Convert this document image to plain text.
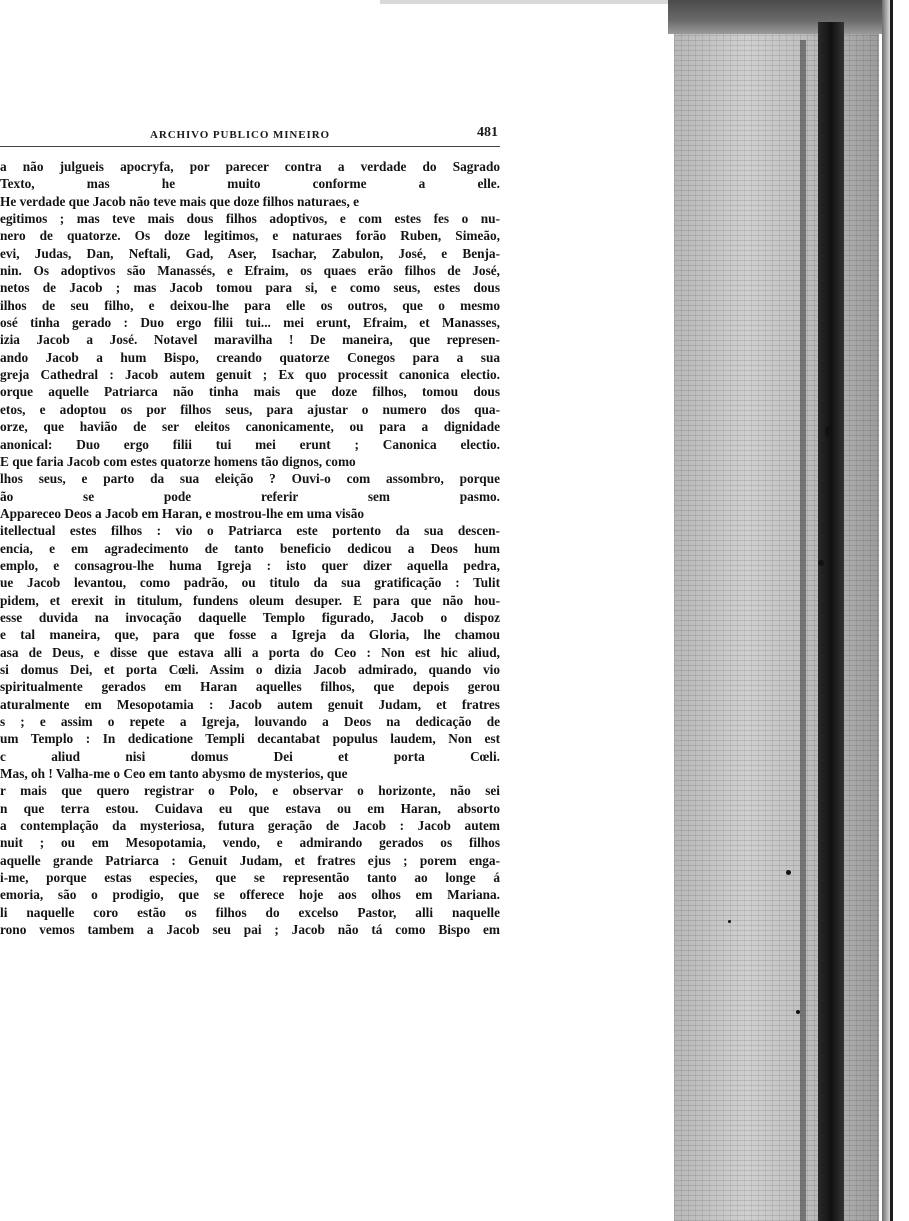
ARCHIVO PUBLICO MINEIRO	481
a não julgueis apocryfa, por parecer contra a verdade do Sagrado
Texto, mas he muito conforme a elle.
He verdade que Jacob não teve mais que doze filhos naturaes, e
egitimos ; mas teve mais dous filhos adoptivos, e com estes fes o nu-
nero de quatorze. Os doze legitimos, e naturaes forão Ruben, Simeão,
evi, Judas, Dan, Neftali, Gad, Aser, Isachar, Zabulon, José, e Benja-
nin. Os adoptivos são Manassés, e Efraim, os quaes erão filhos de José,
netos de Jacob ; mas Jacob tomou para si, e como seus, estes dous
ilhos de seu filho, e deixou-lhe para elle os outros, que o mesmo
osé tinha gerado : Duo ergo filii tui... mei erunt, Efraim, et Manasses,
izia Jacob a José. Notavel maravilha ! De maneira, que represen-
ando Jacob a hum Bispo, creando quatorze Conegos para a sua
greja Cathedral : Jacob autem genuit ; Ex quo processit canonica electio.
orque aquelle Patriarca não tinha mais que doze filhos, tomou dous
etos, e adoptou os por filhos seus, para ajustar o numero dos qua-
orze, que havião de ser eleitos canonicamente, ou para a dignidade
anonical: Duo ergo filii tui mei erunt ; Canonica electio.
E que faria Jacob com estes quatorze homens tão dignos, como
lhos seus, e parto da sua eleição ? Ouvi-o com assombro, porque
ão se pode referir sem pasmo.
Appareceo Deos a Jacob em Haran, e mostrou-lhe em uma visão
itellectual estes filhos : vio o Patriarca este portento da sua descen-
encia, e em agradecimento de tanto beneficio dedicou a Deos hum
emplo, e consagrou-lhe huma Igreja : isto quer dizer aquella pedra,
ue Jacob levantou, como padrão, ou titulo da sua gratificação : Tulit
pidem, et erexit in titulum, fundens oleum desuper. E para que não hou-
esse duvida na invocação daquelle Templo figurado, Jacob o dispoz
e tal maneira, que, para que fosse a Igreja da Gloria, lhe chamou
asa de Deus, e disse que estava alli a porta do Ceo : Non est hic aliud,
si domus Dei, et porta Cœli. Assim o dizia Jacob admirado, quando vio
spiritualmente gerados em Haran aquelles filhos, que depois gerou
aturalmente em Mesopotamia : Jacob autem genuit Judam, et fratres
s ; e assim o repete a Igreja, louvando a Deos na dedicação de
um Templo : In dedicatione Templi decantabat populus laudem, Non est
c aliud nisi domus Dei et porta Cœli.
Mas, oh ! Valha-me o Ceo em tanto abysmo de mysterios, que
r mais que quero registrar o Polo, e observar o horizonte, não sei
n que terra estou. Cuidava eu que estava ou em Haran, absorto
a contemplação da mysteriosa, futura geração de Jacob : Jacob autem
nuit ; ou em Mesopotamia, vendo, e admirando gerados os filhos
aquelle grande Patriarca : Genuit Judam, et fratres ejus ; porem enga-
i-me, porque estas especies, que se representão tanto ao longe á
emoria, são o prodigio, que se offerece hoje aos olhos em Mariana.
li naquelle coro estão os filhos do excelso Pastor, alli naquelle
rono vemos tambem a Jacob seu pai ; Jacob não tá como Bispo em
